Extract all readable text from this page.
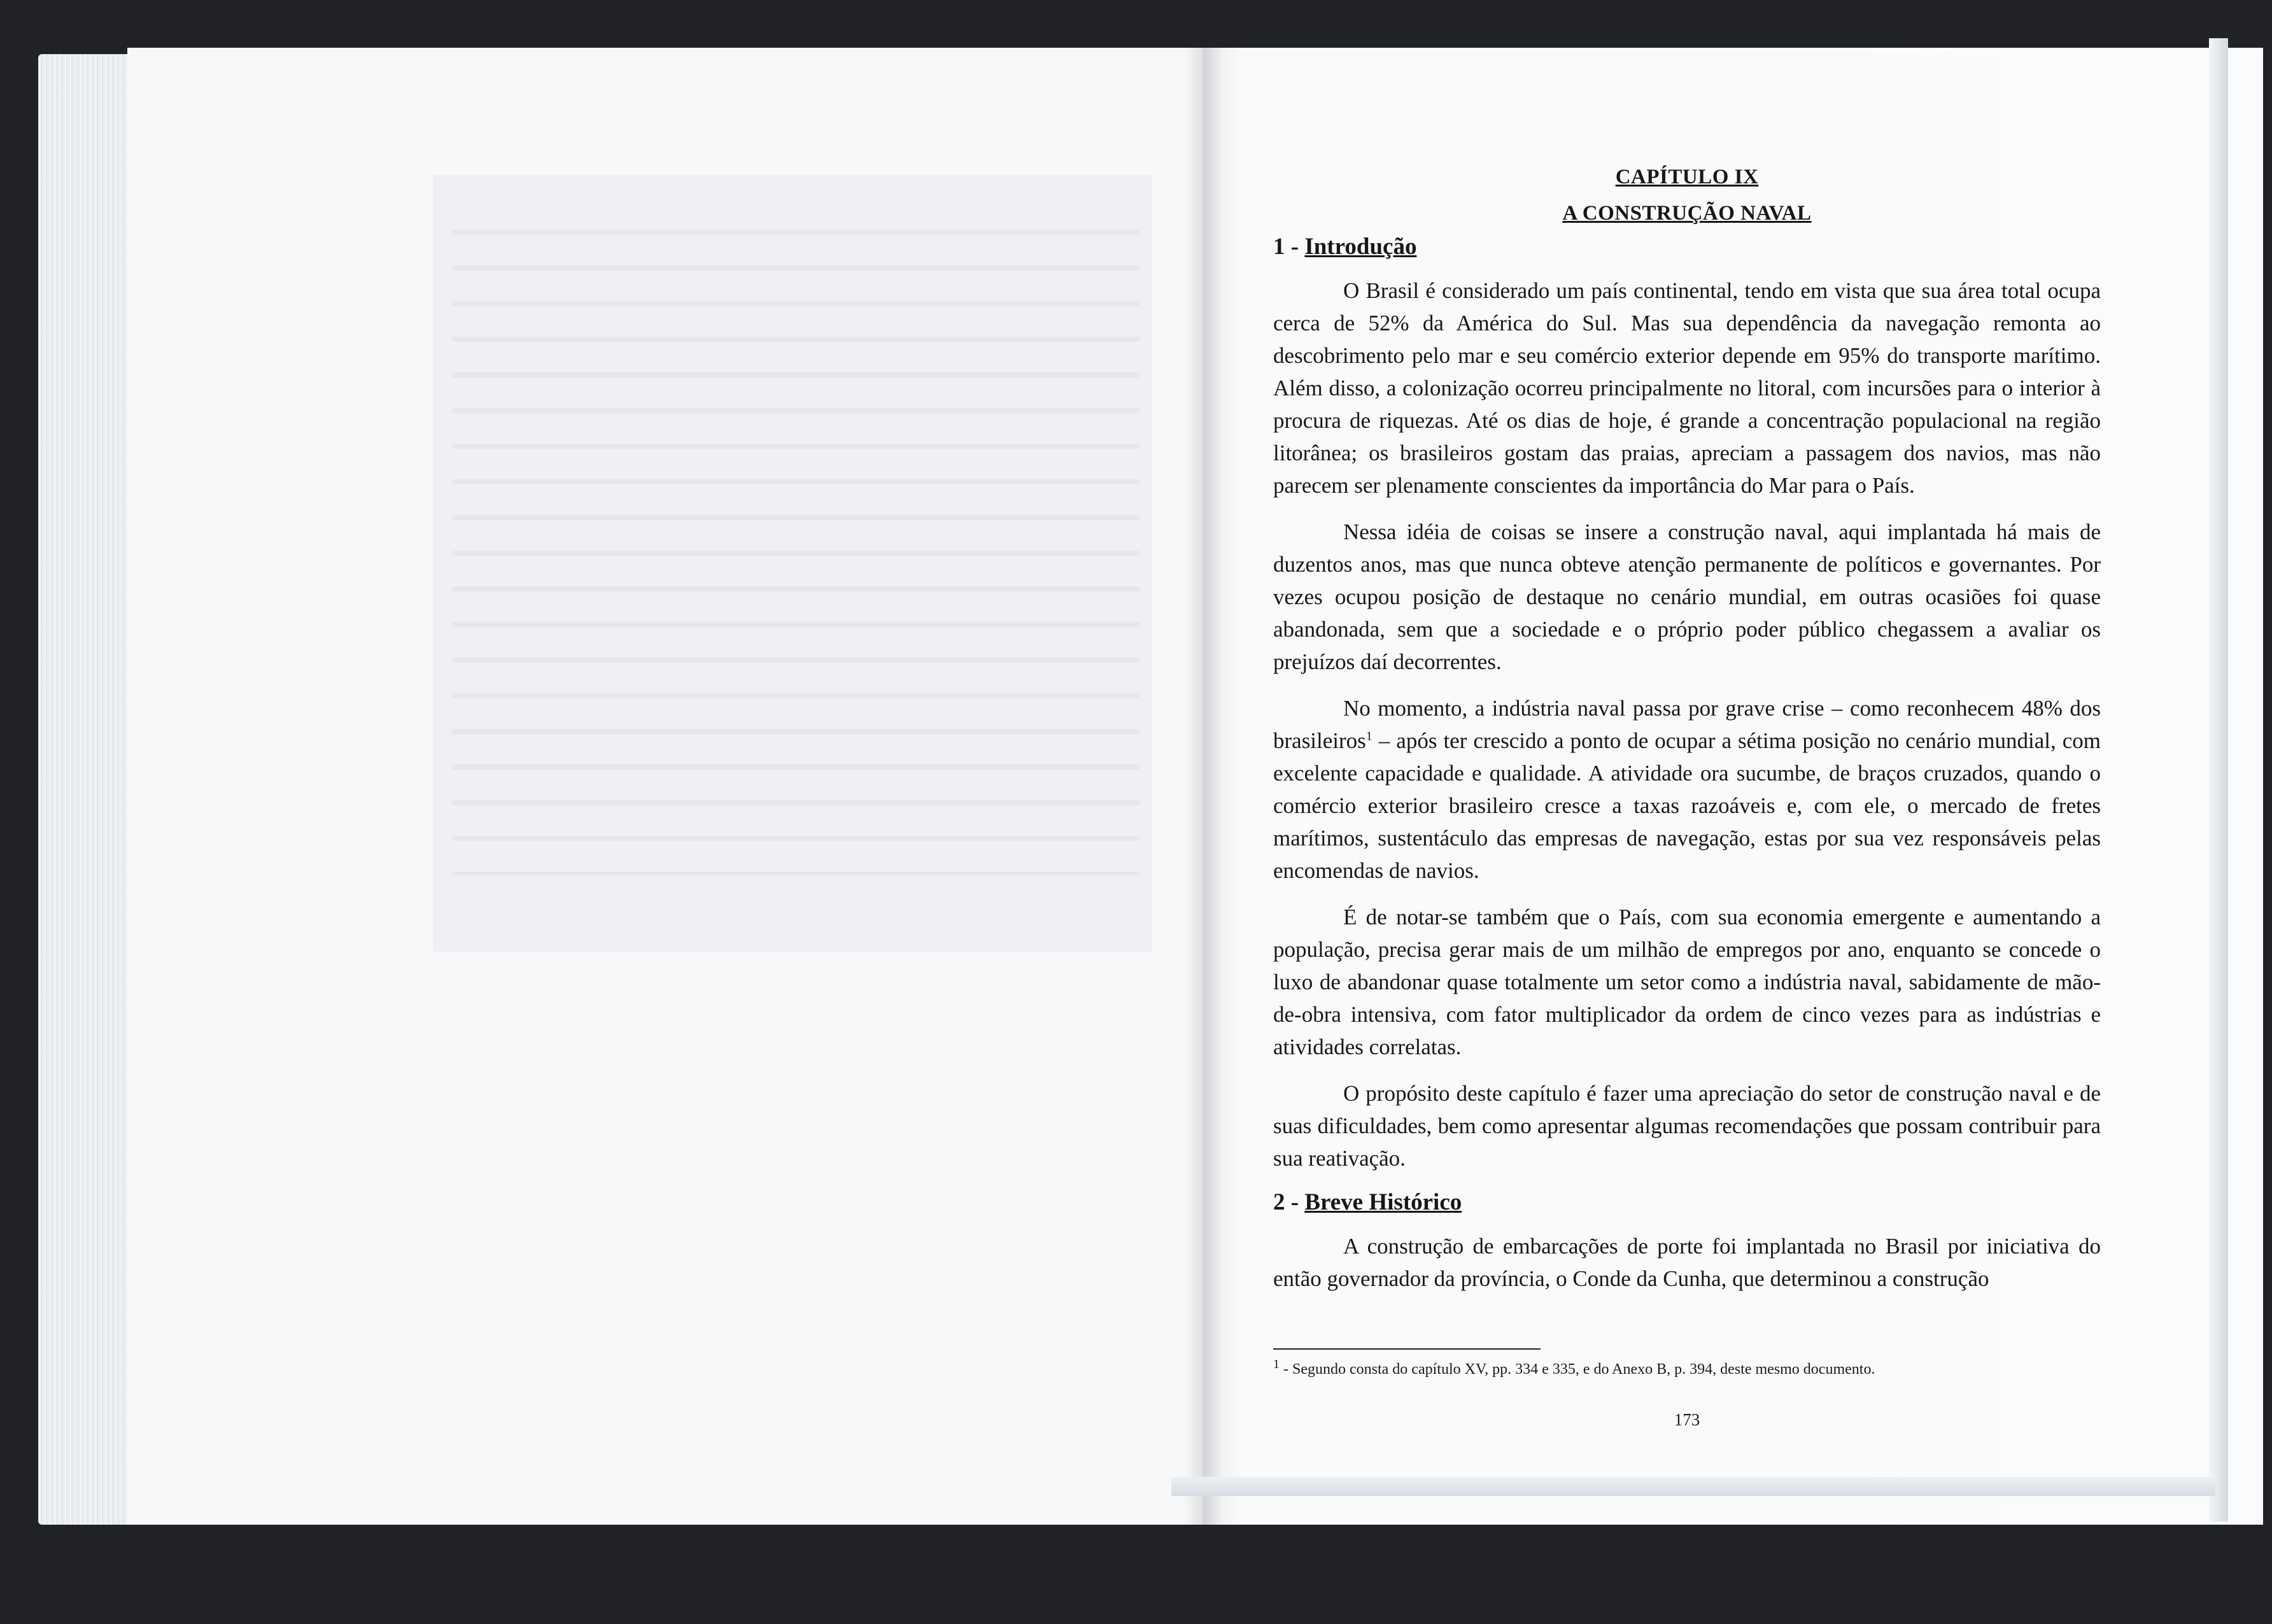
CAPÍTULO IX

A CONSTRUÇÃO NAVAL

1 - Introdução

O Brasil é considerado um país continental, tendo em vista que sua área total ocupa cerca de 52% da América do Sul. Mas sua dependência da navegação remonta ao descobrimento pelo mar e seu comércio exterior depende em 95% do transporte marítimo. Além disso, a colonização ocorreu principalmente no litoral, com incursões para o interior à procura de riquezas. Até os dias de hoje, é grande a concentração populacional na região litorânea; os brasileiros gostam das praias, apreciam a passagem dos navios, mas não parecem ser plenamente conscientes da importância do Mar para o País.

Nessa idéia de coisas se insere a construção naval, aqui implantada há mais de duzentos anos, mas que nunca obteve atenção permanente de políticos e governantes. Por vezes ocupou posição de destaque no cenário mundial, em outras ocasiões foi quase abandonada, sem que a sociedade e o próprio poder público chegassem a avaliar os prejuízos daí decorrentes.

No momento, a indústria naval passa por grave crise – como reconhecem 48% dos brasileiros$^1$ – após ter crescido a ponto de ocupar a sétima posição no cenário mundial, com excelente capacidade e qualidade. A atividade ora sucumbe, de braços cruzados, quando o comércio exterior brasileiro cresce a taxas razoáveis e, com ele, o mercado de fretes marítimos, sustentáculo das empresas de navegação, estas por sua vez responsáveis pelas encomendas de navios.

É de notar-se também que o País, com sua economia emergente e aumentando a população, precisa gerar mais de um milhão de empregos por ano, enquanto se concede o luxo de abandonar quase totalmente um setor como a indústria naval, sabidamente de mão-de-obra intensiva, com fator multiplicador da ordem de cinco vezes para as indústrias e atividades correlatas.

O propósito deste capítulo é fazer uma apreciação do setor de construção naval e de suas dificuldades, bem como apresentar algumas recomendações que possam contribuir para sua reativação.

2 - Breve Histórico

A construção de embarcações de porte foi implantada no Brasil por iniciativa do então governador da província, o Conde da Cunha, que determinou a construção

$^1$ - Segundo consta do capítulo XV, pp. 334 e 335, e do Anexo B, p. 394, deste mesmo documento.
173
